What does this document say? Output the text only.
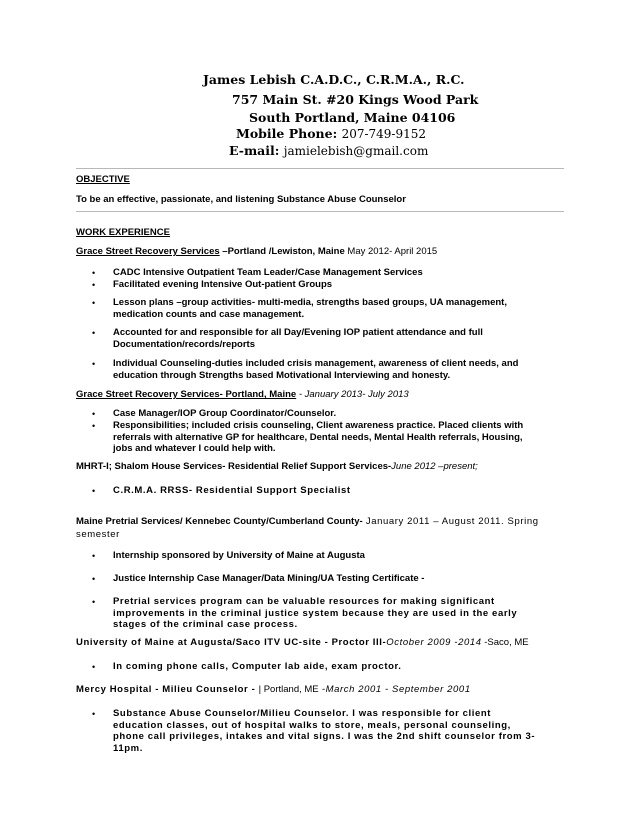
James Lebish C.A.D.C., C.R.M.A., R.C.
757 Main St. #20 Kings Wood Park
South Portland, Maine 04106
Mobile Phone: 207-749-9152
E-mail: jamielebish@gmail.com
OBJECTIVE
To be an effective, passionate, and listening Substance Abuse Counselor
WORK EXPERIENCE
Grace Street Recovery Services –Portland /Lewiston, Maine May 2012- April 2015
• CADC Intensive Outpatient Team Leader/Case Management Services
• Facilitated evening Intensive Out-patient Groups
• Lesson plans –group activities- multi-media, strengths based groups, UA management, medication counts and case management.
• Accounted for and responsible for all Day/Evening IOP patient attendance and full Documentation/records/reports
• Individual Counseling-duties included crisis management, awareness of client needs, and education through Strengths based Motivational Interviewing and honesty.
Grace Street Recovery Services- Portland, Maine - January 2013- July 2013
• Case Manager/IOP Group Coordinator/Counselor.
• Responsibilities; included crisis counseling, Client awareness practice. Placed clients with referrals with alternative GP for healthcare, Dental needs, Mental Health referrals, Housing, jobs and whatever I could help with.
MHRT-I; Shalom House Services- Residential Relief Support Services-June 2012 –present;
• C.R.M.A. RRSS- Residential Support Specialist
Maine Pretrial Services/ Kennebec County/Cumberland County- January 2011 – August 2011. Spring
semester
• Internship sponsored by University of Maine at Augusta
• Justice Internship Case Manager/Data Mining/UA Testing Certificate -
• Pretrial services program can be valuable resources for making significant improvements in the criminal justice system because they are used in the early stages of the criminal case process.
University of Maine at Augusta/Saco ITV UC-site - Proctor III-October 2009 -2014 -Saco, ME
• In coming phone calls, Computer lab aide, exam proctor.
Mercy Hospital - Milieu Counselor - | Portland, ME -March 2001 - September 2001
• Substance Abuse Counselor/Milieu Counselor. I was responsible for client education classes, out of hospital walks to store, meals, personal counseling, phone call privileges, intakes and vital signs. I was the 2nd shift counselor from 3-11pm.
